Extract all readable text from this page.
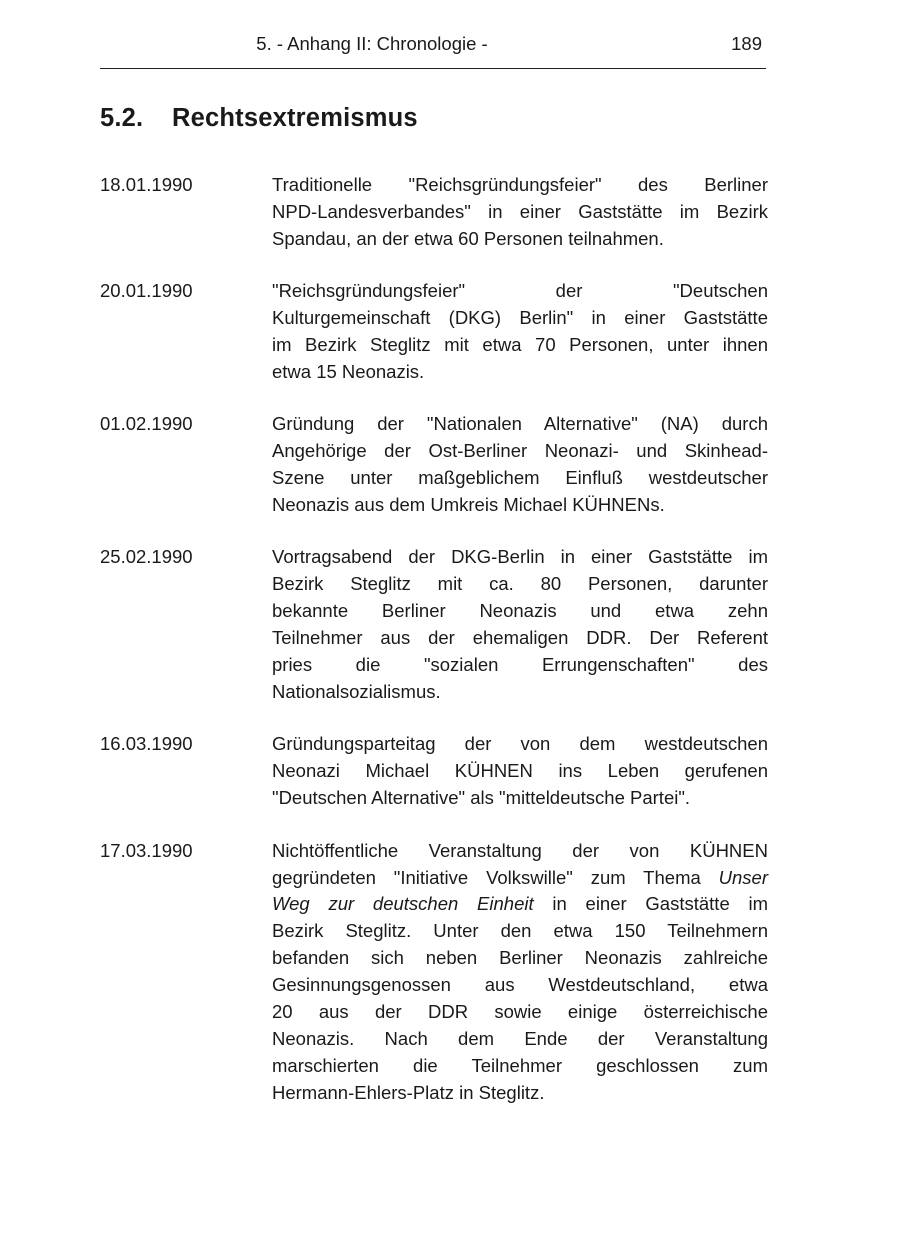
5. - Anhang II: Chronologie -	189
5.2. Rechtsextremismus
18.01.1990	Traditionelle "Reichsgründungsfeier" des Berliner
NPD-Landesverbandes" in einer Gaststätte im Bezirk
Spandau, an der etwa 60 Personen teilnahmen.
20.01.1990	"Reichsgründungsfeier"	der	"Deutschen
Kulturgemeinschaft (DKG) Berlin" in einer Gaststätte
im Bezirk Steglitz mit etwa 70 Personen, unter ihnen
etwa 15 Neonazis.
01.02.1990	Gründung der "Nationalen Alternative" (NA) durch
Angehörige der Ost-Berliner Neonazi- und Skinhead-
Szene unter maßgeblichem Einfluß westdeutscher
Neonazis aus dem Umkreis Michael KÜHNENs.
25.02.1990	Vortragsabend der DKG-Berlin in einer Gaststätte im
Bezirk Steglitz mit ca. 80 Personen, darunter
bekannte Berliner Neonazis und etwa zehn
Teilnehmer aus der ehemaligen DDR. Der Referent
pries die "sozialen Errungenschaften" des
Nationalsozialismus.
16.03.1990	Gründungsparteitag der von dem westdeutschen
Neonazi Michael KÜHNEN ins Leben gerufenen
"Deutschen Alternative" als "mitteldeutsche Partei".
17.03.1990	Nichtöffentliche Veranstaltung der von KÜHNEN
gegründeten "Initiative Volkswille" zum Thema Unser
Weg zur deutschen Einheit in einer Gaststätte im
Bezirk Steglitz. Unter den etwa 150 Teilnehmern
befanden sich neben Berliner Neonazis zahlreiche
Gesinnungsgenossen aus Westdeutschland, etwa
20 aus der DDR sowie einige österreichische
Neonazis. Nach dem Ende der Veranstaltung
marschierten die Teilnehmer geschlossen zum
Hermann-Ehlers-Platz in Steglitz.
